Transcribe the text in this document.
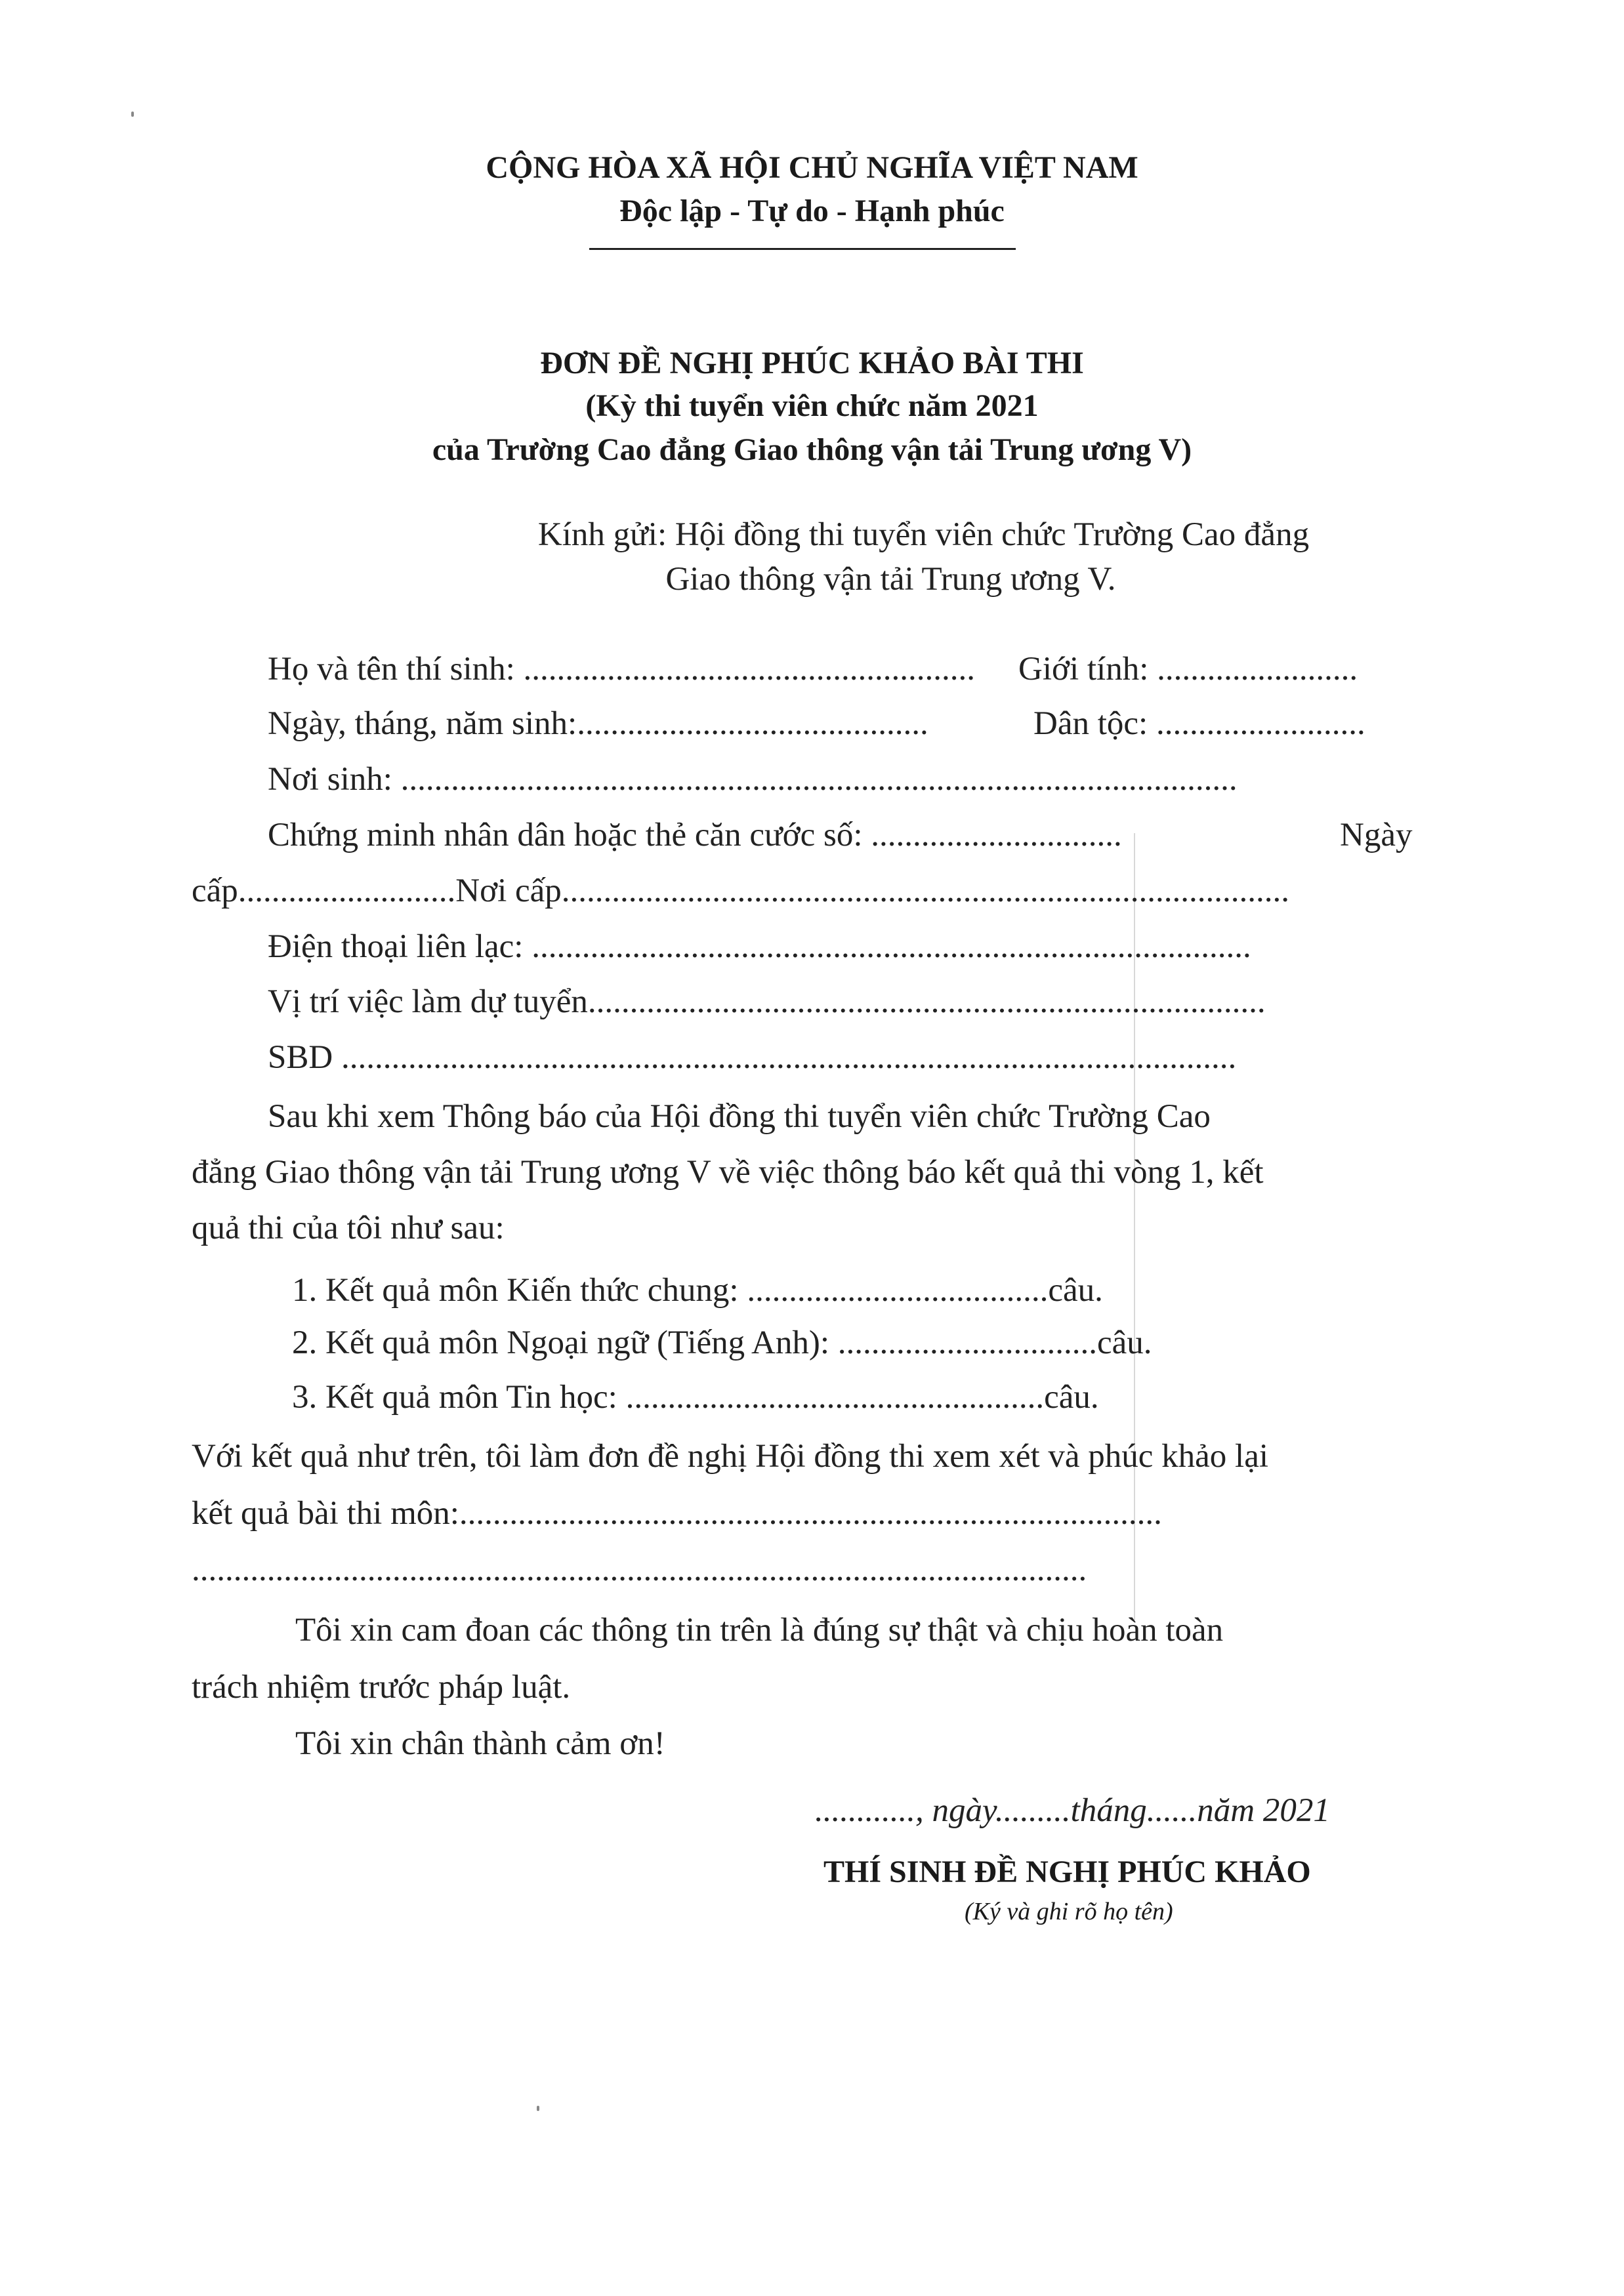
CỘNG HÒA XÃ HỘI CHỦ NGHĨA VIỆT NAM
Độc lập - Tự do - Hạnh phúc
ĐƠN ĐỀ NGHỊ PHÚC KHẢO BÀI THI
(Kỳ thi tuyển viên chức năm 2021
của Trường Cao đẳng Giao thông vận tải Trung ương V)
Kính gửi: Hội đồng thi tuyển viên chức Trường Cao đẳng
Giao thông vận tải Trung ương V.
Họ và tên thí sinh: ...................................................... Giới tính: ........................
Ngày, tháng, năm sinh:..........................................	Dân tộc: .........................
Nơi sinh: ....................................................................................................
Chứng minh nhân dân hoặc thẻ căn cước số: ..............................	Ngày
cấp..........................Nơi cấp.......................................................................................
Điện thoại liên lạc: ......................................................................................
Vị trí việc làm dự tuyển.................................................................................
SBD ...........................................................................................................
Sau khi xem Thông báo của Hội đồng thi tuyển viên chức Trường Cao
đẳng Giao thông vận tải Trung ương V về việc thông báo kết quả thi vòng 1, kết
quả thi của tôi như sau:
1. Kết quả môn Kiến thức chung: ....................................câu.
2. Kết quả môn Ngoại ngữ (Tiếng Anh): ...............................câu.
3. Kết quả môn Tin học: ..................................................câu.
Với kết quả như trên, tôi làm đơn đề nghị Hội đồng thi xem xét và phúc khảo lại
kết quả bài thi môn:....................................................................................
...........................................................................................................
Tôi xin cam đoan các thông tin trên là đúng sự thật và chịu hoàn toàn
trách nhiệm trước pháp luật.
Tôi xin chân thành cảm ơn!
............, ngày.........tháng......năm 2021
THÍ SINH ĐỀ NGHỊ PHÚC KHẢO
(Ký và ghi rõ họ tên)
